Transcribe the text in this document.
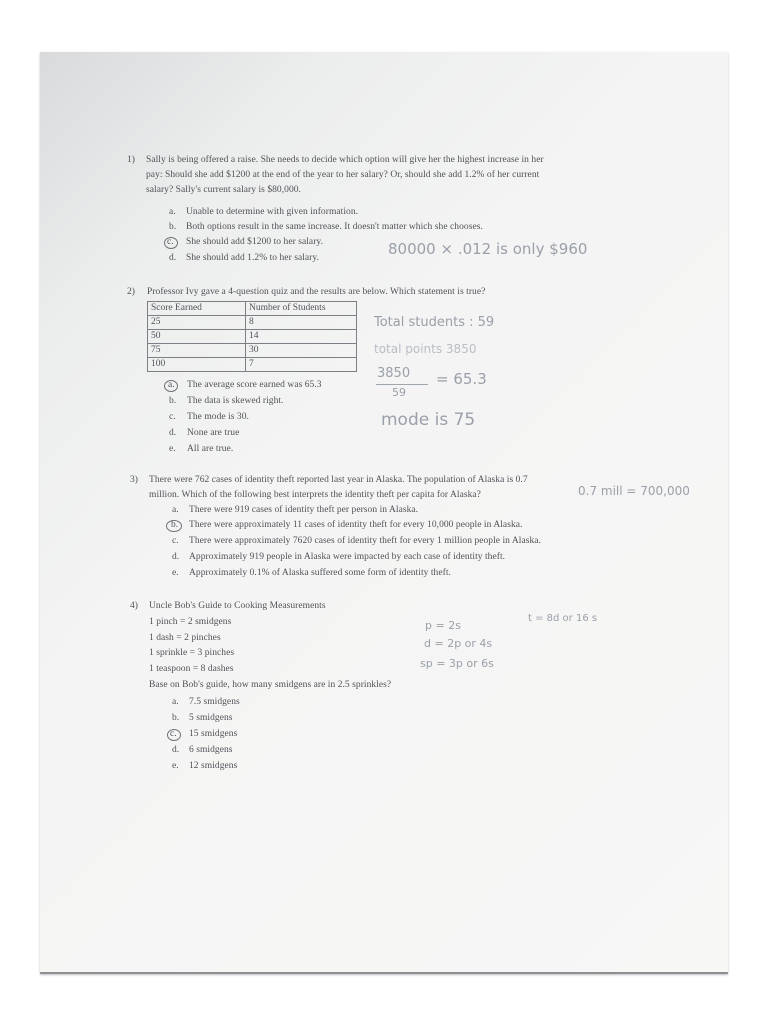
1) Sally is being offered a raise. She needs to decide which option will give her the highest increase in her
pay: Should she add $1200 at the end of the year to her salary? Or, should she add 1.2% of her current
salary? Sally's current salary is $80,000.
a. Unable to determine with given information.
b. Both options result in the same increase. It doesn't matter which she chooses.
c. She should add $1200 to her salary.
d. She should add 1.2% to her salary.	80000 × .012 is only $960
2) Professor Ivy gave a 4-question quiz and the results are below. Which statement is true?
Score Earned	Number of Students
25	8
50	14
75	30
100	7
a. The average score earned was 65.3
b. The data is skewed right.
c. The mode is 30.
d. None are true
e. All are true.
Total students : 59
total points 3850
3850 = 65.3
59
mode is 75
3) There were 762 cases of identity theft reported last year in Alaska. The population of Alaska is 0.7
million. Which of the following best interprets the identity theft per capita for Alaska?	0.7 mill = 700,000
a. There were 919 cases of identity theft per person in Alaska.
b. There were approximately 11 cases of identity theft for every 10,000 people in Alaska.
c. There were approximately 7620 cases of identity theft for every 1 million people in Alaska.
d. Approximately 919 people in Alaska were impacted by each case of identity theft.
e. Approximately 0.1% of Alaska suffered some form of identity theft.
4) Uncle Bob's Guide to Cooking Measurements
1 pinch = 2 smidgens
1 dash = 2 pinches
1 sprinkle = 3 pinches
1 teaspoon = 8 dashes
Base on Bob's guide, how many smidgens are in 2.5 sprinkles?
a. 7.5 smidgens
b. 5 smidgens
c. 15 smidgens
d. 6 smidgens
e. 12 smidgens
p = 2s
d = 2p or 4s
sp = 3p or 6s
t = 8d or 16 s
